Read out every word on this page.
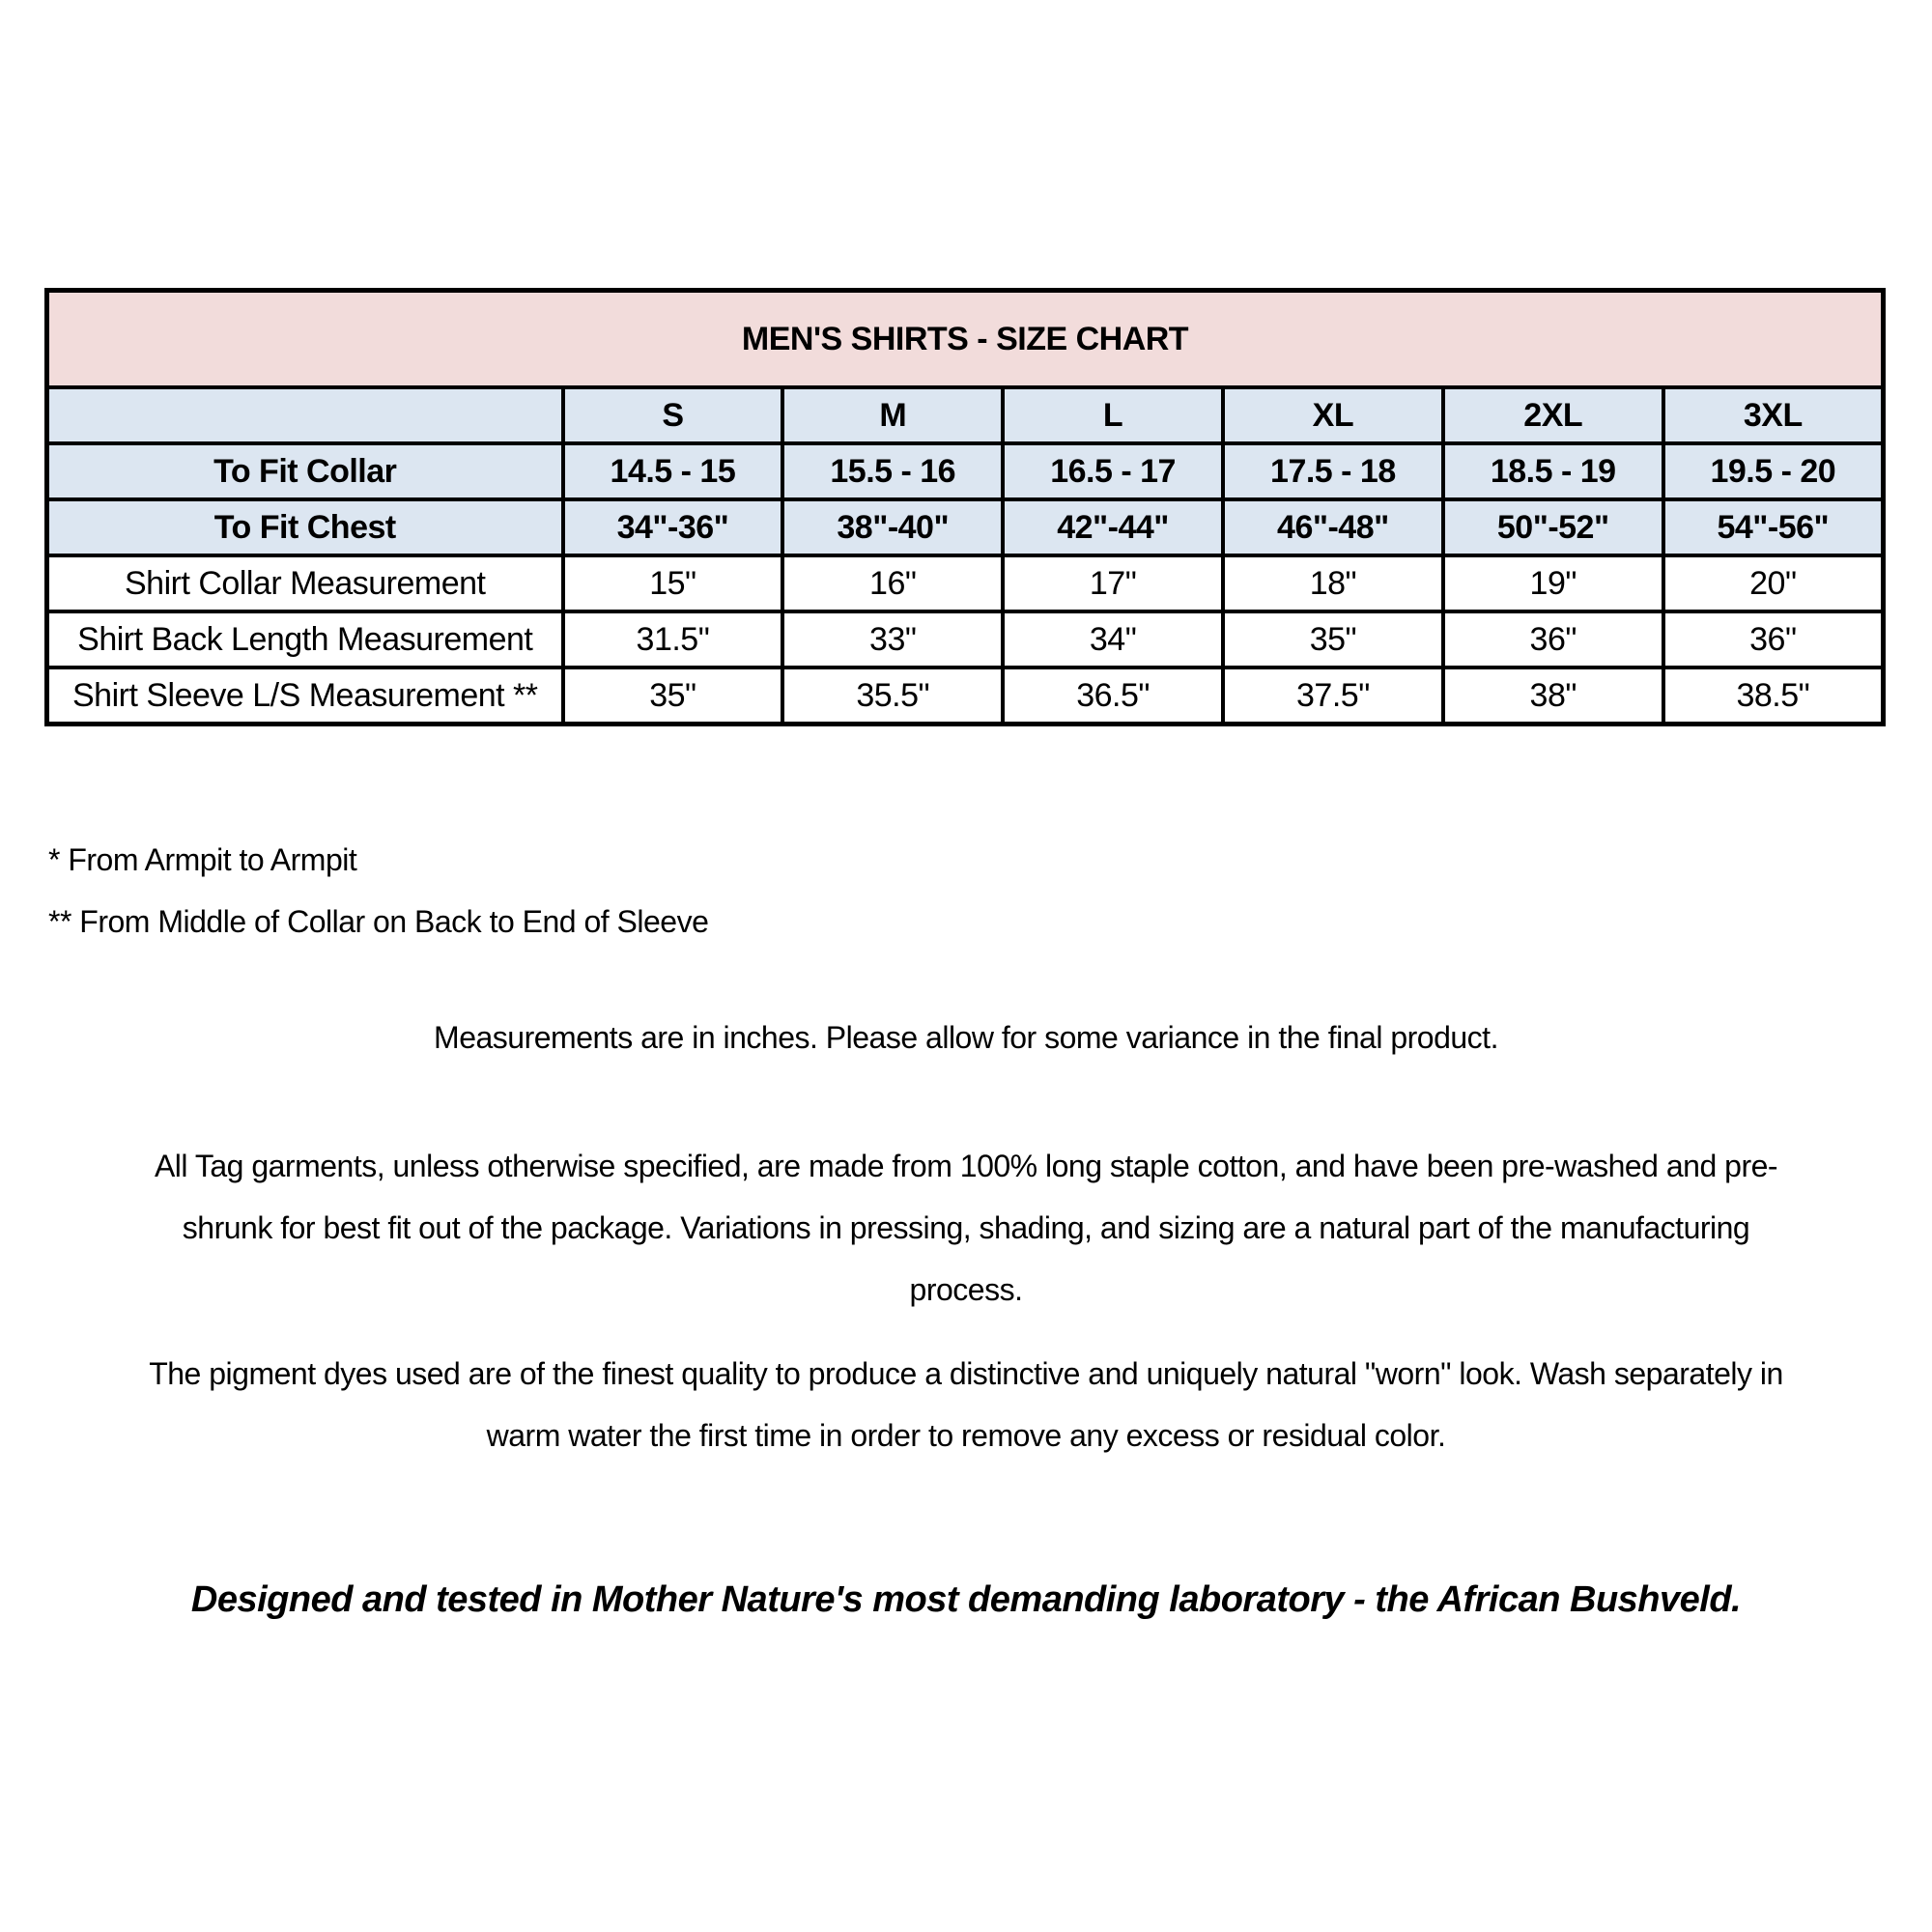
MEN'S SHIRTS - SIZE CHART						
	S	M	L	XL	2XL	3XL
To Fit Collar	14.5 - 15	15.5 - 16	16.5 - 17	17.5 - 18	18.5 - 19	19.5 - 20
To Fit Chest	34"-36"	38"-40"	42"-44"	46"-48"	50"-52"	54"-56"
Shirt Collar Measurement	15"	16"	17"	18"	19"	20"
Shirt Back Length Measurement	31.5"	33"	34"	35"	36"	36"
Shirt Sleeve L/S Measurement **	35"	35.5"	36.5"	37.5"	38"	38.5"
* From Armpit to Armpit
** From Middle of Collar on Back to End of Sleeve
Measurements are in inches. Please allow for some variance in the final product.
All Tag garments, unless otherwise specified, are made from 100% long staple cotton, and have been pre-washed and pre-
shrunk for best fit out of the package. Variations in pressing, shading, and sizing are a natural part of the manufacturing
process.
The pigment dyes used are of the finest quality to produce a distinctive and uniquely natural "worn" look. Wash separately in
warm water the first time in order to remove any excess or residual color.
Designed and tested in Mother Nature's most demanding laboratory - the African Bushveld.
